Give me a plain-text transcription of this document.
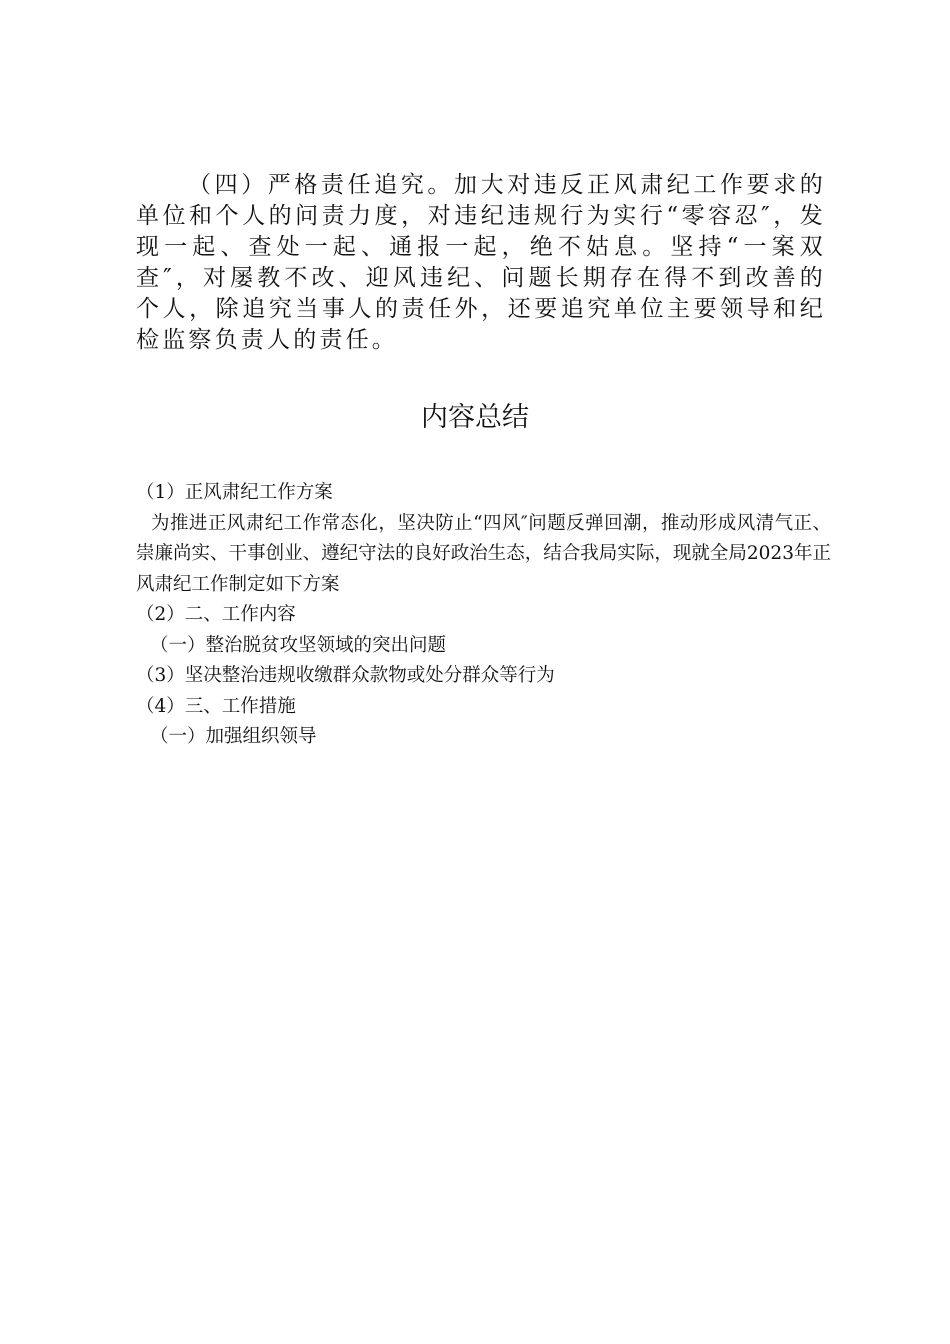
（四）严格责任追究。加大对违反正风肃纪工作要求的单位和个人的问责力度，对违纪违规行为实行“零容忍″，发现一起、查处一起、通报一起，绝不姑息。坚持“一案双查″，对屡教不改、迎风违纪、问题长期存在得不到改善的个人，除追究当事人的责任外，还要追究单位主要领导和纪检监察负责人的责任。

内容总结

（1）正风肃纪工作方案

为推进正风肃纪工作常态化，坚决防止“四风″问题反弹回潮，推动形成风清气正、崇廉尚实、干事创业、遵纪守法的良好政治生态，结合我局实际，现就全局2023年正风肃纪工作制定如下方案

（2）二、工作内容

（一）整治脱贫攻坚领域的突出问题

（3）坚决整治违规收缴群众款物或处分群众等行为

（4）三、工作措施

（一）加强组织领导
